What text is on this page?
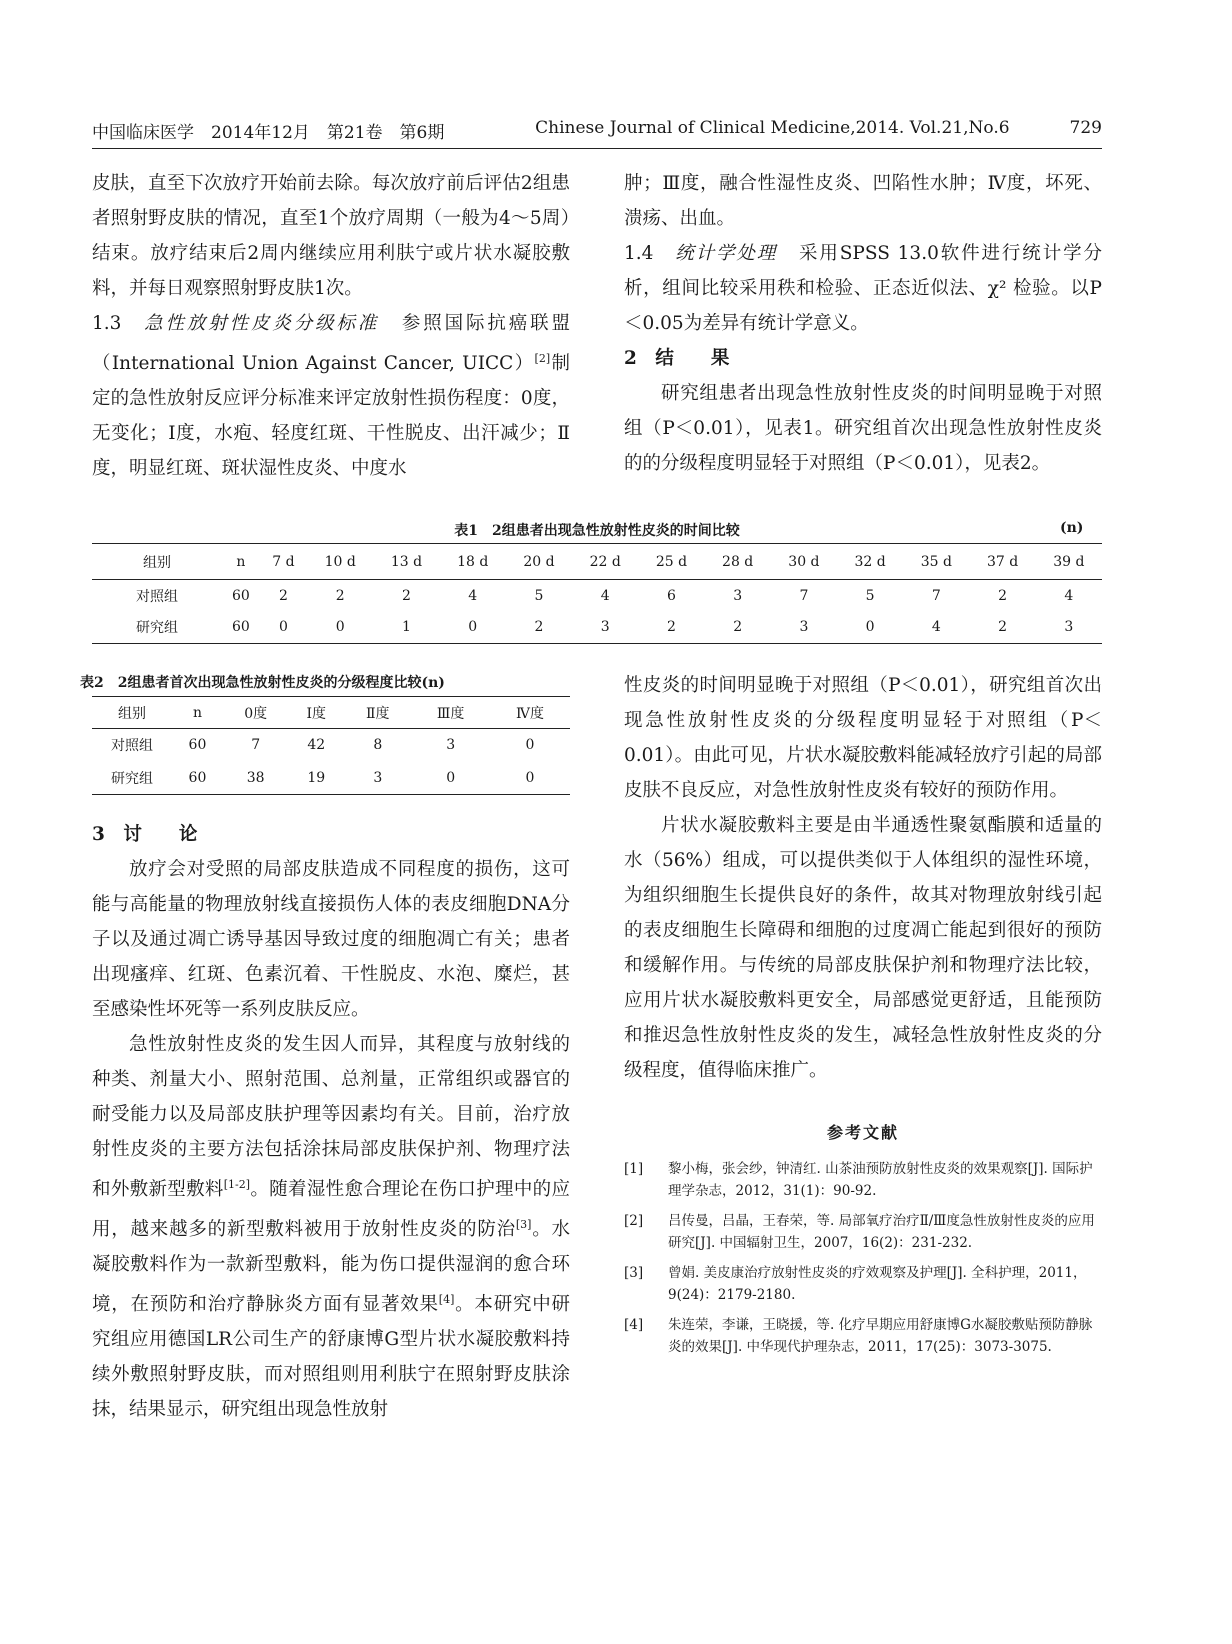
中国临床医学　2014年12月　第21卷　第6期	Chinese Journal of Clinical Medicine,2014. Vol.21,No.6	729

皮肤，直至下次放疗开始前去除。每次放疗前后评估2组患者照射野皮肤的情况，直至1个放疗周期（一般为4～5周）结束。放疗结束后2周内继续应用利肤宁或片状水凝胶敷料，并每日观察照射野皮肤1次。

1.3 急性放射性皮炎分级标准 参照国际抗癌联盟（International Union Against Cancer, UICC）[2]制定的急性放射反应评分标准来评定放射性损伤程度：0度，无变化；Ⅰ度，水疱、轻度红斑、干性脱皮、出汗减少；Ⅱ度，明显红斑、斑状湿性皮炎、中度水

肿；Ⅲ度，融合性湿性皮炎、凹陷性水肿；Ⅳ度，坏死、溃疡、出血。

1.4 统计学处理 采用SPSS 13.0软件进行统计学分析，组间比较采用秩和检验、正态近似法、χ² 检验。以P＜0.05为差异有统计学意义。

2　结　　果

研究组患者出现急性放射性皮炎的时间明显晚于对照组（P＜0.01），见表1。研究组首次出现急性放射性皮炎的的分级程度明显轻于对照组（P＜0.01），见表2。

表1　2组患者出现急性放射性皮炎的时间比较	(n)
组别	n	7 d	10 d	13 d	18 d	20 d	22 d	25 d	28 d	30 d	32 d	35 d	37 d	39 d
对照组	60	2	2	2	4	5	4	6	3	7	5	7	2	4
研究组	60	0	0	1	0	2	3	2	2	3	0	4	2	3
表2　2组患者首次出现急性放射性皮炎的分级程度比较(n)
组别	n	0度	Ⅰ度	Ⅱ度	Ⅲ度	Ⅳ度
对照组	60	7	42	8	3	0
研究组	60	38	19	3	0	0

3　讨　　论

放疗会对受照的局部皮肤造成不同程度的损伤，这可能与高能量的物理放射线直接损伤人体的表皮细胞DNA分子以及通过凋亡诱导基因导致过度的细胞凋亡有关；患者出现瘙痒、红斑、色素沉着、干性脱皮、水泡、糜烂，甚至感染性坏死等一系列皮肤反应。

急性放射性皮炎的发生因人而异，其程度与放射线的种类、剂量大小、照射范围、总剂量，正常组织或器官的耐受能力以及局部皮肤护理等因素均有关。目前，治疗放射性皮炎的主要方法包括涂抹局部皮肤保护剂、物理疗法和外敷新型敷料[1-2]。随着湿性愈合理论在伤口护理中的应用，越来越多的新型敷料被用于放射性皮炎的防治[3]。水凝胶敷料作为一款新型敷料，能为伤口提供湿润的愈合环境，在预防和治疗静脉炎方面有显著效果[4]。本研究中研究组应用德国LR公司生产的舒康博G型片状水凝胶敷料持续外敷照射野皮肤，而对照组则用利肤宁在照射野皮肤涂抹，结果显示，研究组出现急性放射

性皮炎的时间明显晚于对照组（P＜0.01），研究组首次出现急性放射性皮炎的分级程度明显轻于对照组（P＜0.01）。由此可见，片状水凝胶敷料能减轻放疗引起的局部皮肤不良反应，对急性放射性皮炎有较好的预防作用。

片状水凝胶敷料主要是由半通透性聚氨酯膜和适量的水（56%）组成，可以提供类似于人体组织的湿性环境，为组织细胞生长提供良好的条件，故其对物理放射线引起的表皮细胞生长障碍和细胞的过度凋亡能起到很好的预防和缓解作用。与传统的局部皮肤保护剂和物理疗法比较，应用片状水凝胶敷料更安全，局部感觉更舒适，且能预防和推迟急性放射性皮炎的发生，减轻急性放射性皮炎的分级程度，值得临床推广。

参考文献
[1]	黎小梅，张会纱，钟清红. 山茶油预防放射性皮炎的效果观察[J]. 国际护理学杂志，2012，31(1)：90-92.
[2]	吕传曼，吕晶，王春荣，等. 局部氧疗治疗Ⅱ/Ⅲ度急性放射性皮炎的应用研究[J]. 中国辐射卫生，2007，16(2)：231-232.
[3]	曾娟. 美皮康治疗放射性皮炎的疗效观察及护理[J]. 全科护理，2011，9(24)：2179-2180.
[4]	朱连荣，李谦，王晓援，等. 化疗早期应用舒康博G水凝胶敷贴预防静脉炎的效果[J]. 中华现代护理杂志，2011，17(25)：3073-3075.
